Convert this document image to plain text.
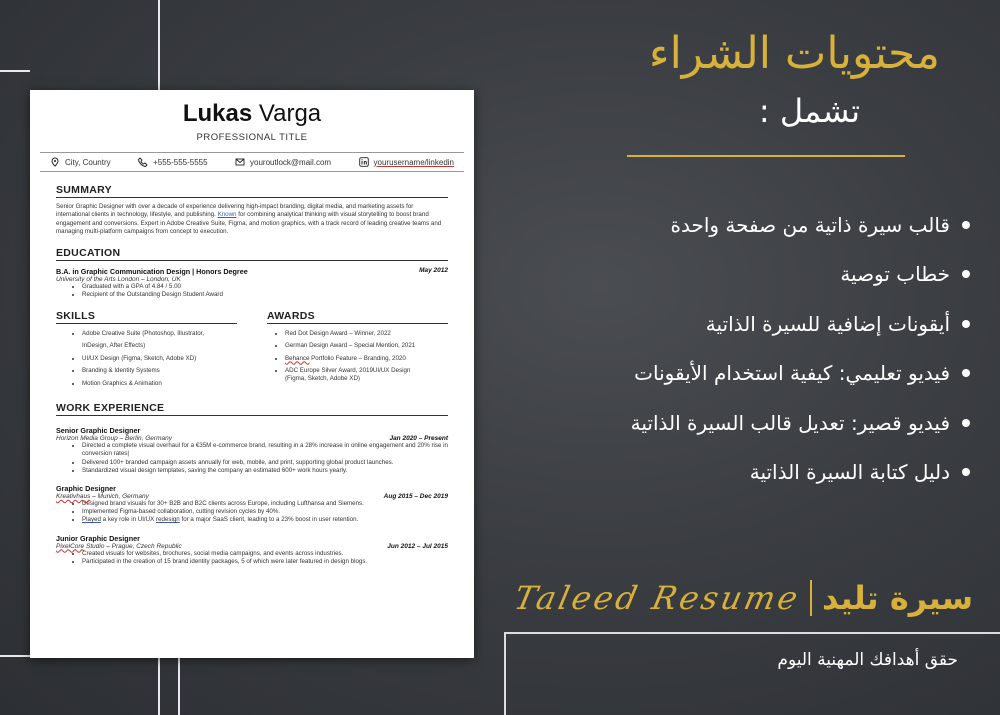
Lukas Varga
PROFESSIONAL TITLE
City, Country	+555-555-5555	youroutlock@mail.com	yourusername/linkedin
SUMMARY

Senior Graphic Designer with over a decade of experience delivering high-impact branding, digital media, and marketing assets for international clients in technology, lifestyle, and publishing. Known for combining analytical thinking with visual storytelling to boost brand engagement and conversions. Expert in Adobe Creative Suite, Figma, and motion graphics, with a track record of leading creative teams and managing multi-platform campaigns from concept to execution.

EDUCATION
B.A. in Graphic Communication Design | Honors Degree	May 2012
University of the Arts London – London, UK
• Graduated with a GPA of 4.84 / 5.00
• Recipient of the Outstanding Design Student Award
SKILLS
• Adobe Creative Suite (Photoshop, Illustrator,
InDesign, After Effects)
• UI/UX Design (Figma, Sketch, Adobe XD)
• Branding & Identity Systems
• Motion Graphics & Animation
AWARDS
• Red Dot Design Award – Winner, 2022
• German Design Award – Special Mention, 2021
• Behance Portfolio Feature – Branding, 2020
• ADC Europe Silver Award, 2019UI/UX Design
(Figma, Sketch, Adobe XD)
WORK EXPERIENCE
Senior Graphic Designer
Horizon Media Group – Berlin, Germany	Jan 2020 – Present
• Directed a complete visual overhaul for a €35M e-commerce brand, resulting in a 28% increase in online engagement and 20% rise in conversion rates|
• Delivered 100+ branded campaign assets annually for web, mobile, and print, supporting global product launches.
• Standardized visual design templates, saving the company an estimated 600+ work hours yearly.
Graphic Designer
Kreativhaus – Munich, Germany	Aug 2015 – Dec 2019
• Designed brand visuals for 30+ B2B and B2C clients across Europe, including Lufthansa and Siemens.
• Implemented Figma-based collaboration, cutting revision cycles by 40%.
• Played a key role in UI/UX redesign for a major SaaS client, leading to a 23% boost in user retention.
Junior Graphic Designer
PixelCore Studio – Prague, Czech Republic	Jun 2012 – Jul 2015
• Created visuals for websites, brochures, social media campaigns, and events across industries.
• Participated in the creation of 15 brand identity packages, 5 of which were later featured in design blogs.
محتويات الشراء
تشمل :
قالب سيرة ذاتية من صفحة واحدة
خطاب توصية
أيقونات إضافية للسيرة الذاتية
فيديو تعليمي: كيفية استخدام الأيقونات
فيديو قصير: تعديل قالب السيرة الذاتية
دليل كتابة السيرة الذاتية
Taleed Resume سيرة تليد
حقق أهدافك المهنية اليوم
